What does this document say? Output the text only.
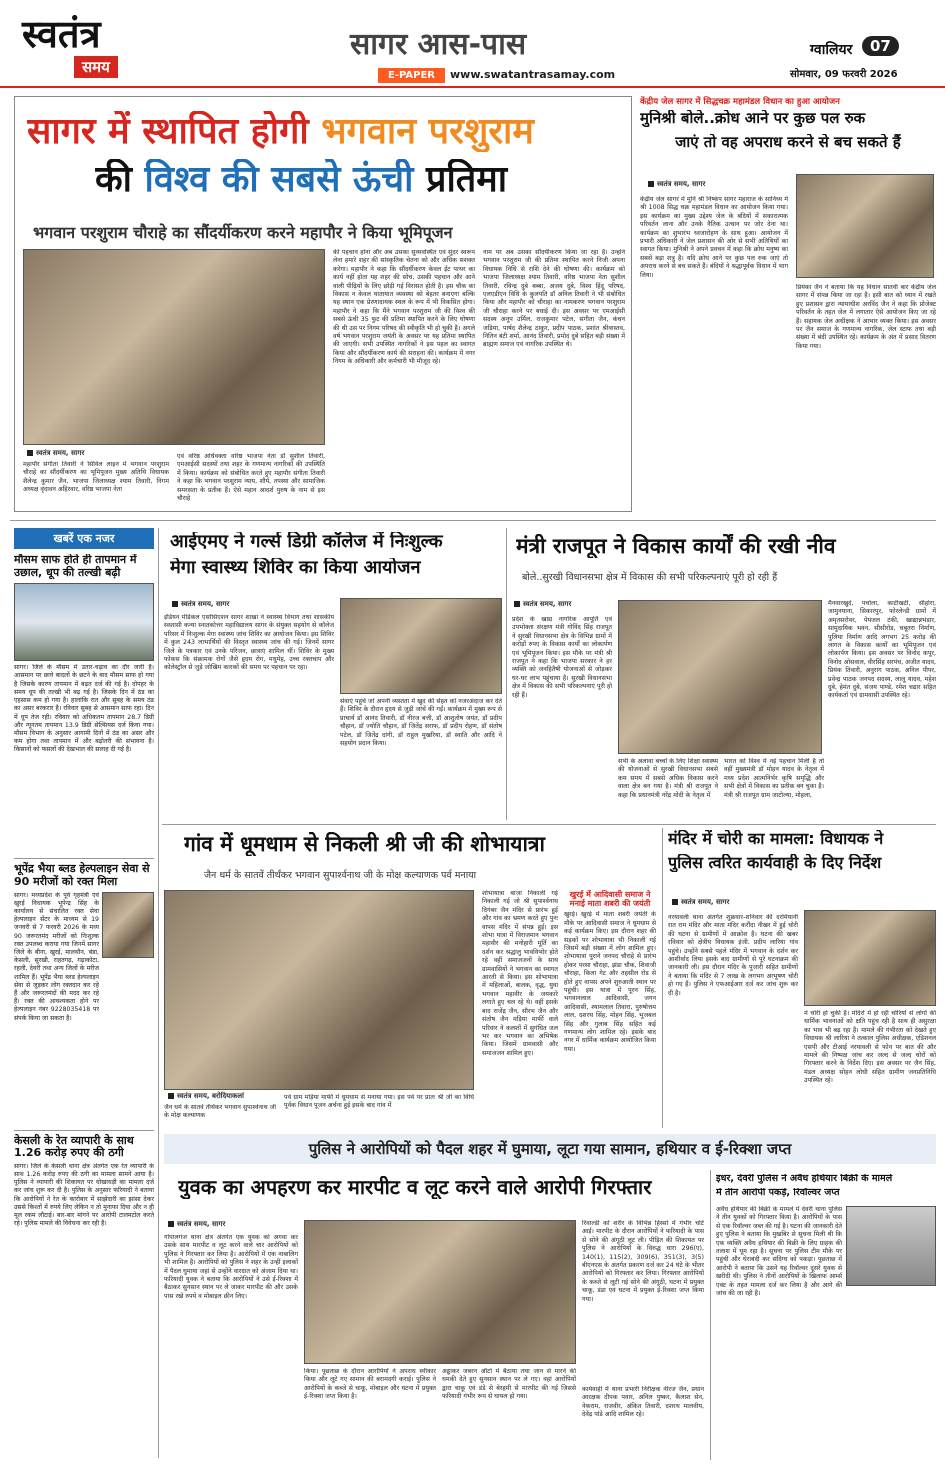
स्वतंत्र
समय
सागर आस-पास
E-PAPER	www.swatantrasamay.com
ग्वालियर	07
सोमवार, 09 फरवरी 2026
सागर में स्थापित होगी भगवान परशुराम
की विश्व की सबसे ऊंची प्रतिमा
भगवान परशुराम चौराहे का सौंदर्यीकरण करने महापौर ने किया भूमिपूजन
स्वतंत्र समय, सागर
महापौर संगीता तिवारी ने सिविल लाइन में भगवान परशुराम चौराहे का सौंदर्यीकरण का भूमिपूजन मुख्य अतिथि विधायक शैलेन्द्र कुमार जैन, भाजपा जिलाध्यक्ष श्याम तिवारी, निगम अध्यक्ष वृंदावन अहिरवार, वरिष्ठ भाजपा नेता
एवं वरिष्ठ अधिवक्ता वरिष्ठ भाजपा नेता डॉ सुशील तिवारी, एमआईसी सदस्यों तथा शहर के गणमान्य नागरिकों की उपस्थिति में किया। कार्यक्रम को संबोधित करते हुए महापौर संगीता तिवारी ने कहा कि भगवान परशुराम न्याय, शौर्य, तपस्या और सामाजिक समरसता के प्रतीक हैं। ऐसे महान आदर्श पुरुष के नाम से इस चौराहे
की पहचान होना और अब उसका सुव्यवस्थित एवं सुंदर स्वरूप लेना हमारे शहर की सांस्कृतिक चेतना को और अधिक सशक्त करेगा। महापौर ने कहा कि सौंदर्यीकरण केवल ईंट पत्थर का कार्य नहीं होता यह शहर की सोच, उसकी पहचान और आने वाली पीढ़ियों के लिए छोड़ी गई विरासत होती है। इस चौक का विकास न केवल यातायात व्यवस्था को बेहतर बनाएगा बल्कि यह स्थान एक प्रेरणादायक स्थल के रूप में भी विकसित होगा। महापौर ने कहा कि मैंने भगवान परशुराम जी की विश्व की सबसे ऊंची 35 फुट की प्रतिमा स्थापित करने के लिए घोषणा की थी उस पर निगम परिषद की स्वीकृति भी हो चुकी है। अगले वर्ष भगवान परशुराम जयंती के अवसर पर यह प्रतिमा स्थापित की जाएगी। सभी उपस्थित नागरिकों ने इस पहल का स्वागत किया और सौंदर्यीकरण कार्य की सराहना की। कार्यक्रम में नगर निगम के अधिकारी और कर्मचारी भी मौजूद रहे।
नाम पर अब उसका सौंदर्यीकरण किया जा रहा है। उन्होंने भगवान परशुराम जी की प्रतिमा स्थापित करने निजी अपना विधायक निधि से राशि देने की घोषणा की। कार्यक्रम को भाजपा जिलाध्यक्ष श्याम तिवारी, वरिष्ठ भाजपा नेता सुशील तिवारी, रविन्द्र दुबे बब्बा, अजय दुबे, विश्व हिंदू परिषद, एलएडीएन विधि के कुलपति डॉ अनिल तिवारी ने भी संबोधित किया और महापौर को चौराहा का नामकरण भगवान परशुराम जी चौराहा करने पर बधाई दी। इस अवसर पर एमआईसी सदस्य अनूप उर्मिल, राजकुमार पटेल, संगीता जैन, कंचन जडिया, पार्षद शैलेन्द्र ठाकुर, प्रदीप पाठक, प्रशांत श्रीवास्तव, नितिन बंटी शर्मा, आनंद तिवारी, प्रमोद दुबे सहित बड़ी संख्या में ब्राह्मण समाज एवं नागरिक उपस्थित थे।
केंद्रीय जेल सागर में सिद्धचक्र महामंडल विधान का हुआ आयोजन
मुनिश्री बोले..क्रोध आने पर कुछ पल रुक
जाएं तो वह अपराध करने से बच सकते हैं
स्वतंत्र समय, सागर
केंद्रीय जेल सागर में मुनि श्री निष्कंप सागर महाराज के सानिध्य में श्री 1008 सिद्ध चक्र महामंडल विधान का आयोजन किया गया। इस कार्यक्रम का मुख्य उद्देश्य जेल के बंदियों में सकारात्मक परिवर्तन लाना और उनके नैतिक उत्थान पर जोर देना था। कार्यक्रम का शुभारंभ ध्वजारोहण के साथ हुआ। आयोजन में प्रभारी अधिकारी ने जेल प्रशासन की ओर से सभी अतिथियों का स्वागत किया। मुनिश्री ने अपने प्रवचन में कहा कि क्रोध मनुष्य का सबसे बड़ा शत्रु है। यदि क्रोध आने पर कुछ पल रुक जाएं तो अपराध करने से बच सकते हैं। बंदियों ने श्रद्धापूर्वक विधान में भाग लिया।
प्रियंका जैन ने बताया कि यह विधान सातवीं बार केंद्रीय जेल सागर में संपन्न किया जा रहा है। इसी बात को ध्यान में रखते हुए प्रशासन द्वारा न्यायाधीश अरविंद जैन ने कहा कि प्रोजेक्ट परिवर्तन के तहत जेल में लगातार ऐसे आयोजन किए जा रहे हैं। सहायक जेल अधीक्षक ने आभार व्यक्त किया। इस अवसर पर जैन समाज के गणमान्य नागरिक, जेल स्टाफ तथा बड़ी संख्या में बंदी उपस्थित रहे। कार्यक्रम के अंत में प्रसाद वितरण किया गया।
खबरें एक नजर
मौसम साफ होते ही तापमान में उछाल, धूप की तल्खी बढ़ी

सागर। जिले के मौसम में उतार-चढ़ाव का दौर जारी है। आसमान पर छाये बादलों के छटने के बाद मौसम साफ हो गया है जिसके कारण तापमान में बढ़त दर्ज की गई है। दोपहर के समय धूप की तल्खी भी बढ़ गई है। जिसके दिन में ठंड का एहसास कम हो गया है। हालांकि रात और सुबह के समय ठंड का असर बरकरार है। रविवार सुबह से आसमान साफ रहा। दिन में धूप तेज रही। रविवार को अधिकतम तापमान 28.7 डिग्री और न्यूनतम तापमान 13.9 डिग्री सेल्सियस दर्ज किया गया। मौसम विभाग के अनुसार आगामी दिनों में ठंड का असर और कम होगा तथा तापमान में और बढ़ोतरी की संभावना है। किसानों को फसलों की देखभाल की सलाह दी गई है।

भूपेंद्र भैया ब्लड हेल्पलाइन सेवा से 90 मरीजों को रक्त मिला

सागर। मध्यप्रदेश के पूर्व गृहमंत्री एवं खुरई विधायक भूपेन्द्र सिंह के कार्यालय से संचालित रक्त सेवा हेल्पलाइन सेंटर के माध्यम से 19 जनवरी से 7 फरवरी 2026 के मध्य 90 जरूरतमंद मरीजों को निःशुल्क रक्त उपलब्ध कराया गया जिनमें सागर जिले के बीना, खुरई, मालथौन, बंडा, केसली, सुरखी, राहतगढ़, गढ़ाकोटा, रहली, देवरी तथा अन्य जिलों के मरीज शामिल हैं। भूपेंद्र भैया ब्लड हेल्पलाइन सेवा से जुड़कर लोग रक्तदान कर रहे हैं और जरूरतमंदों की मदद कर रहे हैं। रक्त की आवश्यकता होने पर हेल्पलाइन नंबर 9228035418 पर संपर्क किया जा सकता है।

केसली के रेत व्यापारी के साथ 1.26 करोड़ रुपए की ठगी

सागर। जिले के केसली थाना क्षेत्र अंतर्गत एक रेत व्यापारी के साथ 1.26 करोड़ रुपए की ठगी का मामला सामने आया है। पुलिस ने व्यापारी की शिकायत पर धोखाधड़ी का मामला दर्ज कर जांच शुरू कर दी है। पुलिस के अनुसार फरियादी ने बताया कि आरोपियों ने रेत के कारोबार में साझेदारी का झांसा देकर उससे किश्तों में रुपये लिए लेकिन न तो मुनाफा दिया और न ही मूल रकम लौटाई। बार-बार मांगने पर आरोपी टालमटोल करते रहे। पुलिस मामले की विवेचना कर रही है।

आईएमए ने गर्ल्स डिग्री कॉलेज में निःशुल्क
मेगा स्वास्थ्य शिविर का किया आयोजन
स्वतंत्र समय, सागर
इंडियन मेडिकल एसोसिएशन सागर शाखा ने स्वास्थ्य विभाग तथा शासकीय स्वशासी कन्या स्नातकोत्तर महाविद्यालय सागर के संयुक्त सहयोग से कॉलेज परिसर में निःशुल्क मेगा स्वास्थ्य जांच शिविर का आयोजन किया। इस शिविर में कुल 243 लाभार्थियों की विस्तृत स्वास्थ्य जांच की गई। जिनमें सागर जिले के पत्रकार एवं उनके परिजन, छात्राएं शामिल थीं। शिविर के मुख्य फोकस कि संक्रामक रोगों जैसे हृदय रोग, मधुमेह, उच्च रक्तचाप और कोलेस्ट्रॉल से जुड़े जोखिम कारकों की समय पर पहचान पर रहा।
सेवाएं पहुंचे जो अपनी व्यस्तता में खुद की सेहत को नजरअंदाज कर देते हैं। शिविर के दौरान हृदय से जुड़ी जांचें की गईं। कार्यक्रम में मुख्य रूप से प्राचार्य डॉ आनंद तिवारी, डॉ नीरज बत्ती, डॉ आशुतोष जयंत, डॉ प्रदीप चौहान, डॉ ज्योति चौहान, डॉ जितेंद्र सराफ, डॉ प्रदीप रोहण, डॉ संतोष पटेल, डॉ जितेंद्र दांगी, डॉ राहुल मुखरिया, डॉ स्वाति और आदि ने सहयोग प्रदान किया।
मंत्री राजपूत ने विकास कार्यों की रखी नीव
बोले..सुरखी विधानसभा क्षेत्र में विकास की सभी परिकल्पनाएं पूरी हो रही हैं
स्वतंत्र समय, सागर
प्रदेश के खाद्य नागरिक आपूर्ति एवं उपभोक्ता संरक्षण मंत्री गोविंद सिंह राजपूत ने सुरखी विधानसभा क्षेत्र के विभिन्न ग्रामों में करोड़ों रुपए के विकास कार्यों का लोकार्पण एवं भूमिपूजन किया। इस मौके पर मंत्री श्री राजपूत ने कहा कि भाजपा सरकार ने हर व्यक्ति को जनहितैषी योजनाओं से जोड़कर घर-घर लाभ पहुंचाया है। सुरखी विधानसभा क्षेत्र में विकास की सभी परिकल्पनाएं पूरी हो रही हैं।
सभी के अलावा बच्चों के लिए शिक्षा स्वास्थ्य की योजनाओं से सुरखी विधानसभा सबसे कम समय में सबसे अधिक विकास करने वाला क्षेत्र बन गया है। मंत्री श्री राजपूत ने कहा कि प्रधानमंत्री नरेंद्र मोदी के नेतृत्व में
भारत को विश्व में नई पहचान मिली है तो वहीं मुख्यमंत्री डॉ मोहन यादव के नेतृत्व में मध्य प्रदेश आत्मनिर्भर कृषि समृद्धि और सभी क्षेत्रों में विकास का प्रतीक बन चुका है। मंत्री श्री राजपूत ग्राम जाटोल्या, मोहला,
मैनवारखुर्द, पचोला, काटीखटी, सीहोरा, जामुनघाना, सिकारपुर, फोरलेन्डी ग्रामों में अमृतसरोवर, पेयजल टंकी, खाद्यान्नभंडार, सामुदायिक भवन, सीसीरोड, चबूतरा निर्माण, पुलिया निर्माण आदि लगभग 25 करोड़ की लागत के विकास कार्यों का भूमिपूजन एवं लोकार्पण किया। इस अवसर पर विनोद कपूर, विनोद ओसवाल, वीरसिंह सरपंच, अजीत यादव, प्रियंक तिवारी, अनुराग पाठक, अनिल पीपर, प्रवेन्द्र पाठक जनपद सदस्य, लालू यादव, महेश दुबे, हेमंत दुबे, संजय पाण्डे, रमेश चढार सहित कार्यकर्ता एवं ग्रामवासी उपस्थित रहे।
गांव में धूमधाम से निकली श्री जी की शोभायात्रा
जैन धर्म के सातवें तीर्थंकर भगवान सुपार्श्वनाथ जी के मोक्ष कल्याणक पर्व मनाया
स्वतंत्र समय, बरोदियाकलां
जैन धर्म के सातवें तीर्थंकर भगवान सुपार्श्वनाथ जी के मोक्ष कल्याणक
पर्व ग्राम मड़िया मार्फी में धूमधाम से मनाया गया। इस पर्व पर प्रातः श्री जी का विधि पूर्वक विधान पूजन अर्चना हुई इसके बाद गांव में
शोभायात्रा बाजा निकाली गई निकाली गई जो श्री सुपार्श्वनाथ दिगंबर जैन मंदिर से प्रारंभ हुई और गांव का भ्रमण करते हुए पुनः वापस मंदिर में संपन्न हुई। इस शोभा यात्रा में विराजमान भगवान महावीर की मनोहारी मूर्ति का दर्शन कर श्रद्धालु भावविभोर होते रहे वहीं समाजजनों के साथ ग्रामवासियों ने भगवान का स्वागत आरती से किया। इस शोभायात्रा में महिलाओं, बालक, वृद्ध, युवा भगवान महावीर के जयकारे लगाते हुए चल रहे थे। वहीं इसके बाद राजेंद्र जैन, सौरभ जैन और संतोष जैन मड़िया मार्फी वाले परिवार ने कलशों में सुगंधित जल भर कर भगवान का अभिषेक किया। जिसमें ग्रामवासी और समाजजन शामिल हुए।
खुरई में आदिवासी समाज ने
मनाई माता शबरी की जयंती
खुरई। खुरई में माता शबरी जयंती के मौके पर आदिवासी समाज ने धूमधाम से कई कार्यक्रम किए। इस दौरान शहर की सड़कों पर शोभायात्रा भी निकाली गई जिसमें बड़ी संख्या में लोग शामिल हुए। शोभायात्रा पुराने जनपद चौराहे से प्रारंभ होकर परसा चौराहा, झंडा चौक, शिवाजी चौराहा, किला गेट और तहसील रोड से होते हुए वापस अपने शुरुआती स्थान पर पहुंची। इस यात्रा में पूरन सिंह, भगवानलाल आदिवासी, जगन आदिवासी, श्यामलाल तिवारा, पुरुषोत्तम लाल, दशरथ सिंह, मोहन सिंह, भुजबल सिंह और गुलाब सिंह सहित कई गणमान्य लोग शामिल रहे। इसके बाद नगर में धार्मिक कार्यक्रम आयोजित किया गया।
मंदिर में चोरी का मामला: विधायक ने
पुलिस त्वरित कार्यवाही के दिए निर्देश
स्वतंत्र समय, सागर
नरयावली थाना अंतर्गत शुक्रवार-शनिवार की दरमियानी रात राम मंदिर और माता मंदिर करौंदा नीखर में हुई चोरी की घटना से ग्रामीणों में आक्रोश है। घटना की खबर रविवार को क्षेत्रीय विधायक इंजी. प्रदीप लारिया गांव पहुंचे। उन्होंने सबसे पहले मंदिर में भगवान के दर्शन कर आशीर्वाद लिया इसके बाद ग्रामीणों से पूरे घटनाक्रम की जानकारी ली। इस दौरान मंदिर के पुजारी सहित ग्रामीणों ने बताया कि मंदिर से 7 लाख के लगभग आभूषण चोरी हो गए हैं। पुलिस ने एफआईआर दर्ज कर जांच शुरू कर दी है।
में चोरी हो चुकी है। मंदिरों में हो रही चोरियों से लोगों की धार्मिक भावनाओं को क्षति पहुंच रही है साथ ही असुरक्षा का भाव भी बढ़ रहा है। मामले की गंभीरता को देखते हुए विधायक श्री लारिया ने तत्काल पुलिस अधीक्षक, एडिशनल एसपी और टीआई नरयावली से फोन पर बात की और मामले की निष्पक्ष जांच कर जल्द से जल्द चोरों को गिरफ्तार करने के निर्देश दिए। इस अवसर पर जैन सिंह, मंडल अध्यक्ष सोहन लोधी सहित ग्रामीण जनप्रतिनिधि उपस्थित रहे।
पुलिस ने आरोपियों को पैदल शहर में घुमाया, लूटा गया सामान, हथियार व ई-रिक्शा जप्त
युवक का अपहरण कर मारपीट व लूट करने वाले आरोपी गिरफ्तार
स्वतंत्र समय, सागर
गोपालगंज थाना क्षेत्र अंतर्गत एक युवक को अगवा कर उसके साथ मारपीट व लूट करने वाले चार आरोपियों को पुलिस ने गिरफ्तार कर लिया है। आरोपियों में एक नाबालिग भी शामिल है। आरोपियों को पुलिस ने शहर के उन्हीं इलाकों में पैदल घुमाया जहां से उन्होंने वारदात को अंजाम दिया था। फरियादी युवक ने बताया कि आरोपियों ने उसे ई-रिक्शा में बैठाकर सुनसान स्थान पर ले जाकर मारपीट की और उसके पास रखे रुपये व मोबाइल छीन लिए।
किया। पूछताछ के दौरान आरोपियों ने अपराध स्वीकार किया और लूटे गए सामान की बरामदगी कराई। पुलिस ने आरोपियों के कब्जे से चाकू, मोबाइल और घटना में प्रयुक्त ई-रिक्शा जप्त किया है।
अड्डाकर जबरन ऑटो में बैठाया तथा जान से मारने की धमकी देते हुए सुनसान स्थान पर ले गए। वहां आरोपियों द्वारा चाकू एवं डंडे से बेरहमी से मारपीट की गई जिससे फरियादी गंभीर रूप से घायल हो गया।
रिवाल्डी को शरीर के विभिन्न हिस्सों में गंभीर चोटें आई। मारपीट के दौरान आरोपियों ने फरियादी के पास से सोने की अंगूठी लूट ली। पीड़ित की शिकायत पर पुलिस ने आरोपियों के विरुद्ध धारा 296(ए), 140(1), 115(2), 309(6), 351(3), 3(5) बीएनएस के अंतर्गत प्रकरण दर्ज कर 24 घंटे के भीतर आरोपियों को गिरफ्तार कर लिया। गिरफ्तार आरोपियों के कब्जे से लूटी गई सोने की अंगूठी, घटना में प्रयुक्त चाकू, डंडा एवं घटना में प्रयुक्त ई-रिक्शा जप्त किया गया।
कार्यवाही में थाना प्रभारी निरीक्षक नीरज जैन, प्रधान आरक्षक दीपक पवार, अनिल पुष्कर, कैलाश सेन, नेकराम, राजवीर, अंकित तिवारी, दशरथ मालवीय, देवेंद्र पांडे आदि शामिल रहे।
इधर, देवरी पुलिस ने अवैध हथियार बिक्री के मामले
में तीन आरोपी पकड़े, रिवॉल्वर जप्त
अवैध हथियार की बिक्री के मामले में देवरी थाना पुलिस ने तीन युवकों को गिरफ्तार किया है। आरोपियों के पास से एक रिवॉल्वर जब्त की गई है। घटना की जानकारी देते हुए पुलिस ने बताया कि मुखबिर से सूचना मिली थी कि एक व्यक्ति अवैध हथियार की बिक्री के लिए ग्राहक की तलाश में घूम रहा है। सूचना पर पुलिस टीम मौके पर पहुंची और घेराबंदी कर संदिग्ध को पकड़ा। पूछताछ में आरोपी ने बताया कि उसने यह रिवॉल्वर दूसरे युवक से खरीदी थी। पुलिस ने तीनों आरोपियों के खिलाफ आर्म्स एक्ट के तहत मामला दर्ज कर लिया है और आगे की जांच की जा रही है।
